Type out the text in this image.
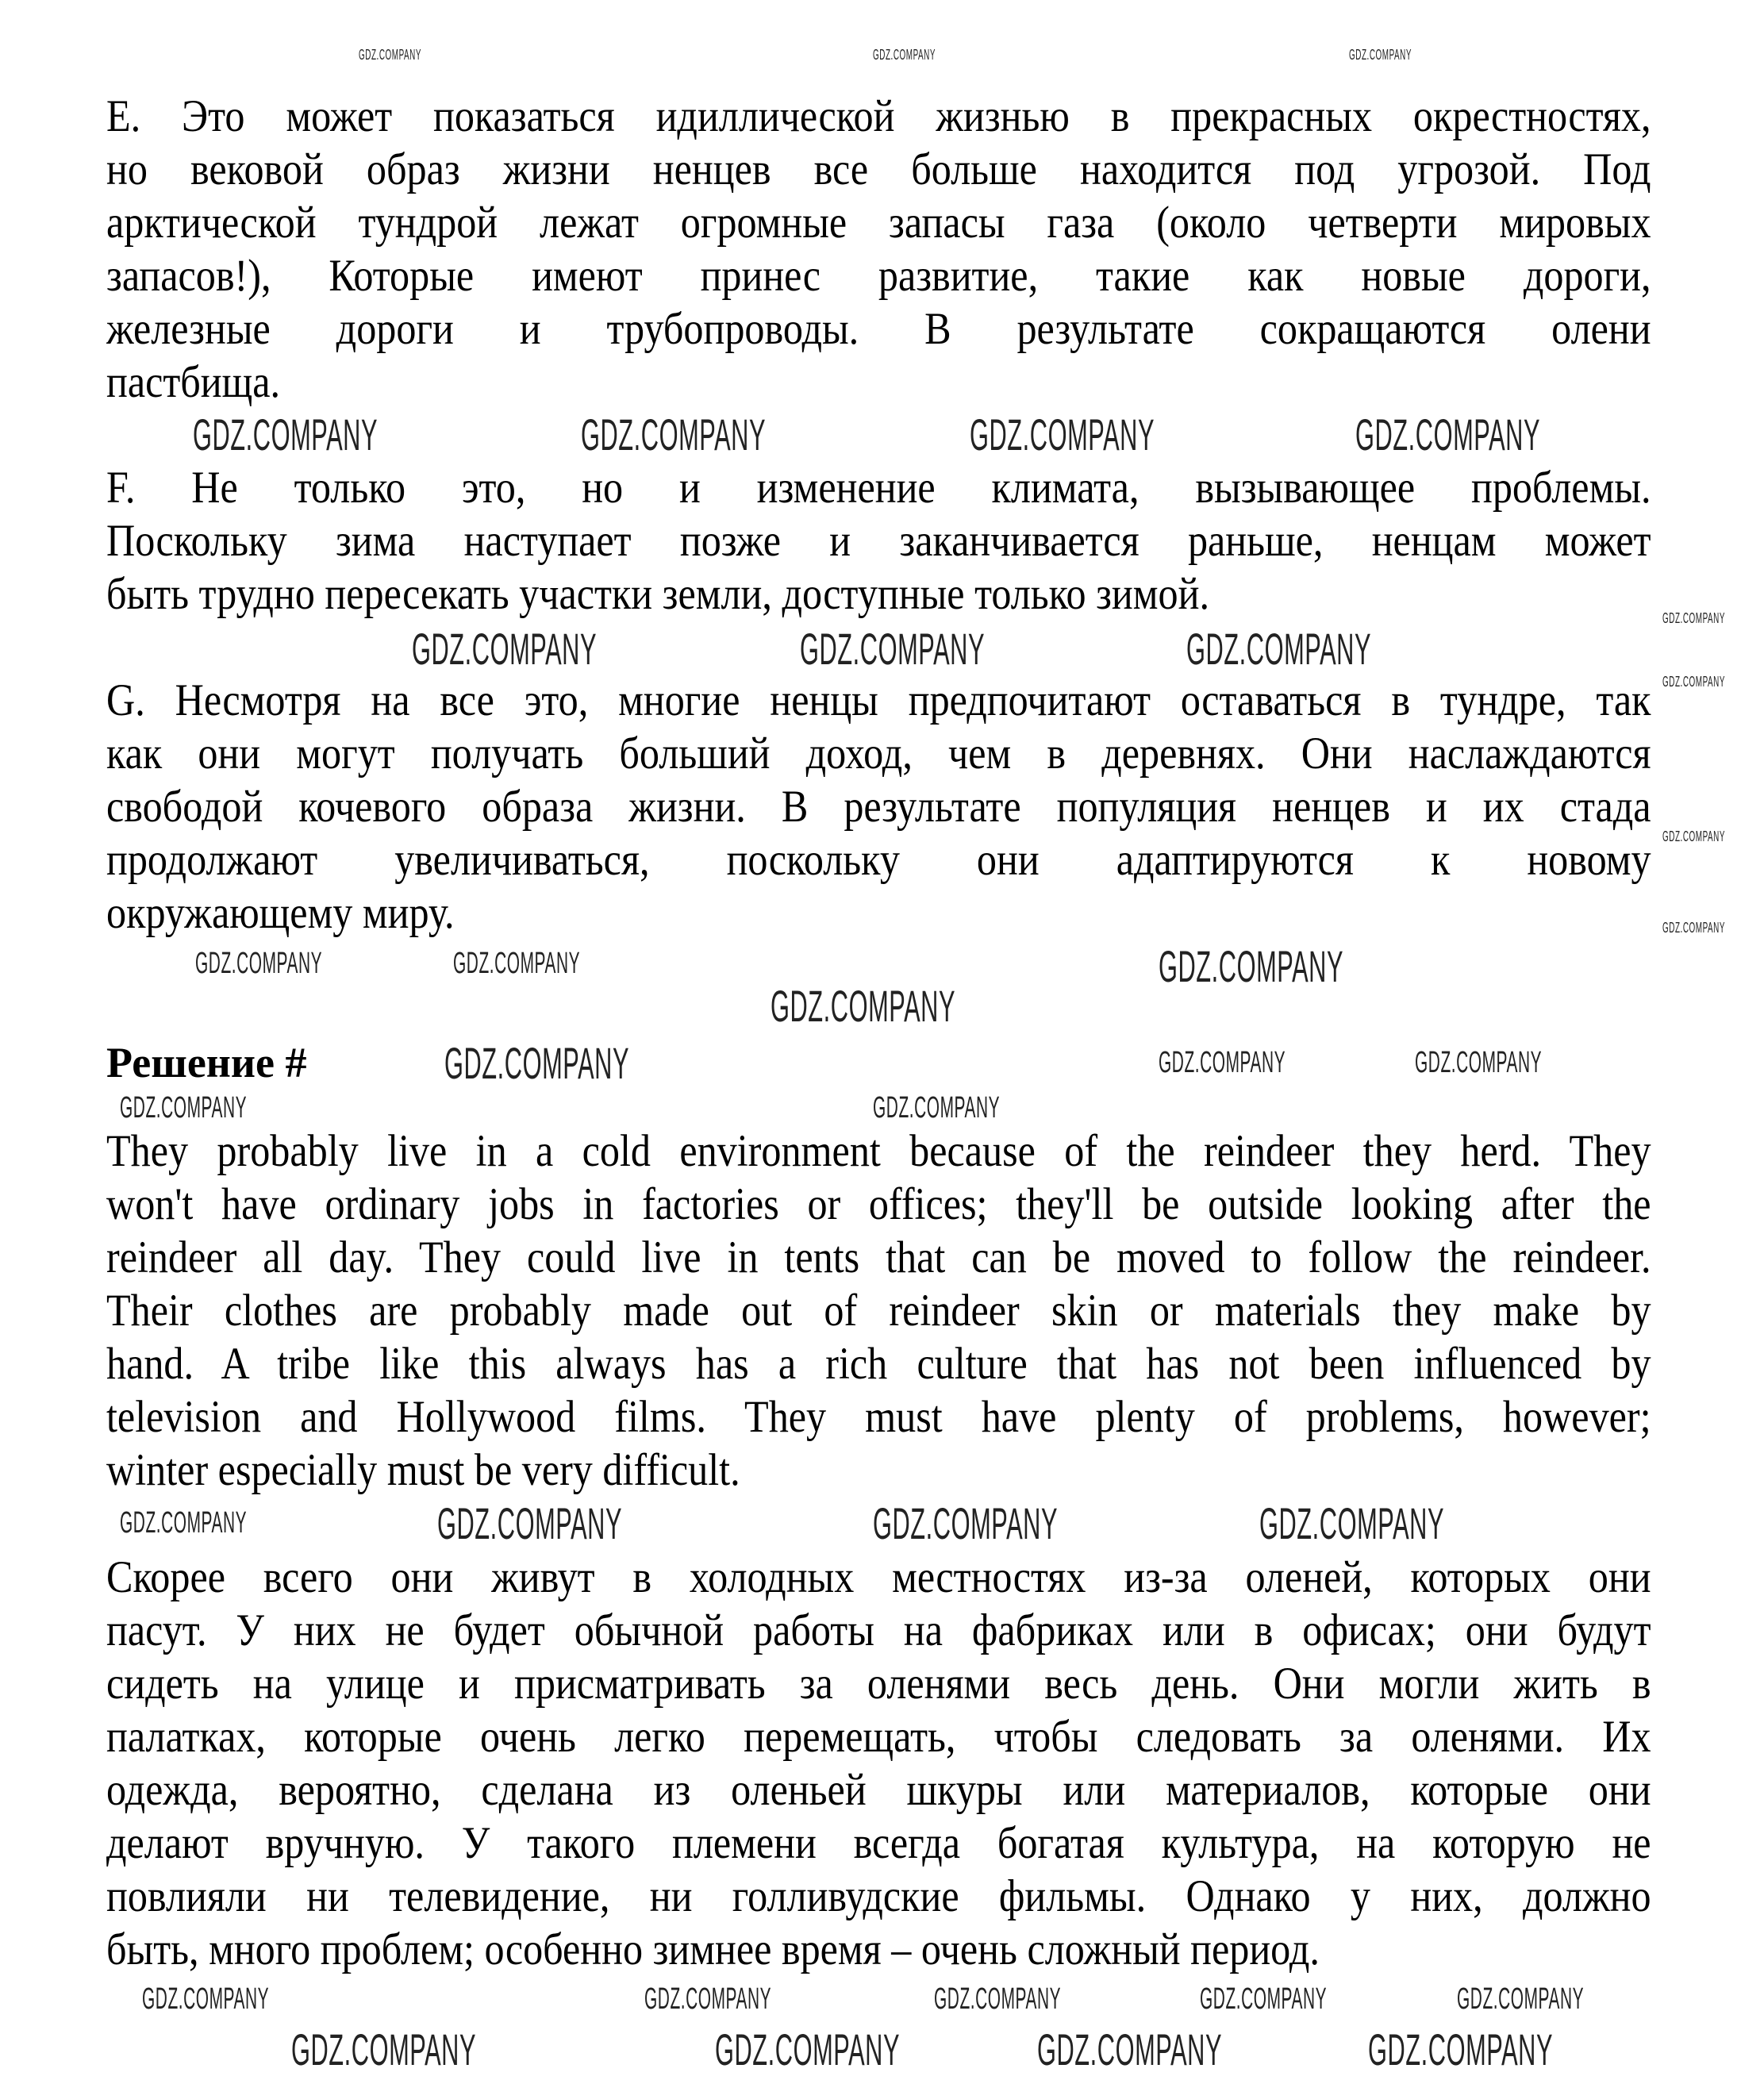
Е. Это может показаться идиллической жизнью в прекрасных окрестностях,
но вековой образ жизни ненцев все больше находится под угрозой. Под
арктической тундрой лежат огромные запасы газа (около четверти мировых
запасов!), Которые имеют принес развитие, такие как новые дороги,
железные дороги и трубопроводы. В результате сокращаются олени
пастбища.
F. Не только это, но и изменение климата, вызывающее проблемы.
Поскольку зима наступает позже и заканчивается раньше, ненцам может
быть трудно пересекать участки земли, доступные только зимой.
G. Несмотря на все это, многие ненцы предпочитают оставаться в тундре, так
как они могут получать больший доход, чем в деревнях. Они наслаждаются
свободой кочевого образа жизни. В результате популяция ненцев и их стада
продолжают увеличиваться, поскольку они адаптируются к новому
окружающему миру.
Решение #
They probably live in a cold environment because of the reindeer they herd. They
won't have ordinary jobs in factories or offices; they'll be outside looking after the
reindeer all day. They could live in tents that can be moved to follow the reindeer.
Their clothes are probably made out of reindeer skin or materials they make by
hand. A tribe like this always has a rich culture that has not been influenced by
television and Hollywood films. They must have plenty of problems, however;
winter especially must be very difficult.
Скорее всего они живут в холодных местностях из-за оленей, которых они
пасут. У них не будет обычной работы на фабриках или в офисах; они будут
сидеть на улице и присматривать за оленями весь день. Они могли жить в
палатках, которые очень легко перемещать, чтобы следовать за оленями. Их
одежда, вероятно, сделана из оленьей шкуры или материалов, которые они
делают вручную. У такого племени всегда богатая культура, на которую не
повлияли ни телевидение, ни голливудские фильмы. Однако у них, должно
быть, много проблем; особенно зимнее время – очень сложный период.
GDZ.COMPANY	GDZ.COMPANY	GDZ.COMPANY
GDZ.COMPANY	GDZ.COMPANY	GDZ.COMPANY	GDZ.COMPANY
GDZ.COMPANY	GDZ.COMPANY	GDZ.COMPANY
GDZ.COMPANY	GDZ.COMPANY	GDZ.COMPANY
GDZ.COMPANY
GDZ.COMPANY	GDZ.COMPANY	GDZ.COMPANY
GDZ.COMPANY	GDZ.COMPANY
GDZ.COMPANY	GDZ.COMPANY	GDZ.COMPANY
GDZ.COMPANY
GDZ.COMPANY	GDZ.COMPANY	GDZ.COMPANY	GDZ.COMPANY	GDZ.COMPANY
GDZ.COMPANY	GDZ.COMPANY	GDZ.COMPANY	GDZ.COMPANY
GDZ.COMPANY
GDZ.COMPANY
GDZ.COMPANY
GDZ.COMPANY
